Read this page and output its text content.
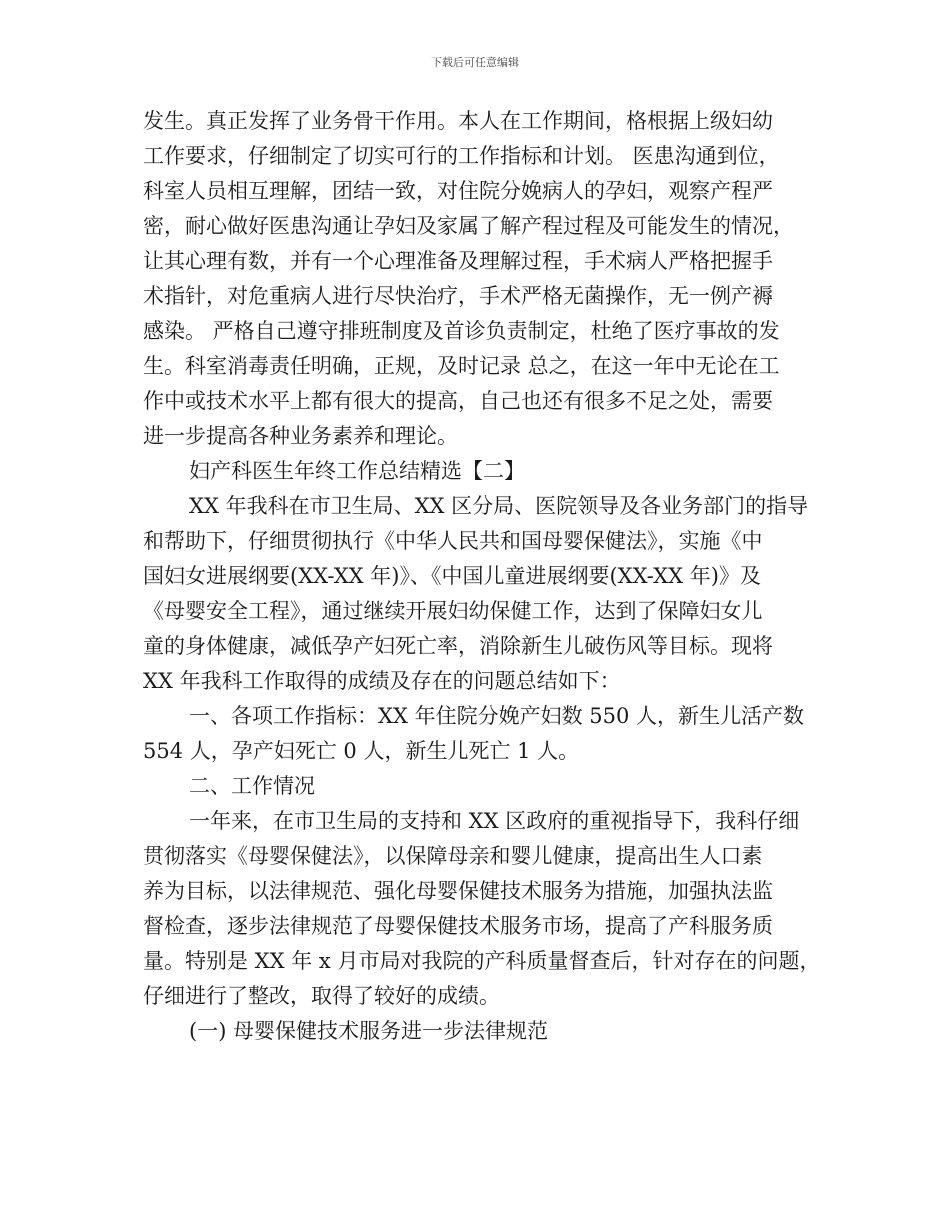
下载后可任意编辑
发生。真正发挥了业务骨干作用。本人在工作期间，格根据上级妇幼
工作要求，仔细制定了切实可行的工作指标和计划。 医患沟通到位，
科室人员相互理解，团结一致，对住院分娩病人的孕妇，观察产程严
密，耐心做好医患沟通让孕妇及家属了解产程过程及可能发生的情况，
让其心理有数，并有一个心理准备及理解过程，手术病人严格把握手
术指针，对危重病人进行尽快治疗，手术严格无菌操作，无一例产褥
感染。 严格自己遵守排班制度及首诊负责制定，杜绝了医疗事故的发
生。科室消毒责任明确，正规，及时记录 总之，在这一年中无论在工
作中或技术水平上都有很大的提高，自己也还有很多不足之处，需要
进一步提高各种业务素养和理论。
妇产科医生年终工作总结精选【二】
XX 年我科在市卫生局、XX 区分局、医院领导及各业务部门的指导
和帮助下，仔细贯彻执行《中华人民共和国母婴保健法》，实施《中
国妇女进展纲要(XX-XX 年)》、《中国儿童进展纲要(XX-XX 年)》及
《母婴安全工程》，通过继续开展妇幼保健工作，达到了保障妇女儿
童的身体健康，减低孕产妇死亡率，消除新生儿破伤风等目标。现将
XX 年我科工作取得的成绩及存在的问题总结如下：
一、各项工作指标：XX 年住院分娩产妇数 550 人，新生儿活产数
554 人，孕产妇死亡 0 人，新生儿死亡 1 人。
二、工作情况
一年来，在市卫生局的支持和 XX 区政府的重视指导下，我科仔细
贯彻落实《母婴保健法》，以保障母亲和婴儿健康，提高出生人口素
养为目标，以法律规范、强化母婴保健技术服务为措施，加强执法监
督检查，逐步法律规范了母婴保健技术服务市场，提高了产科服务质
量。特别是 XX 年 x 月市局对我院的产科质量督查后，针对存在的问题，
仔细进行了整改，取得了较好的成绩。
(一) 母婴保健技术服务进一步法律规范
